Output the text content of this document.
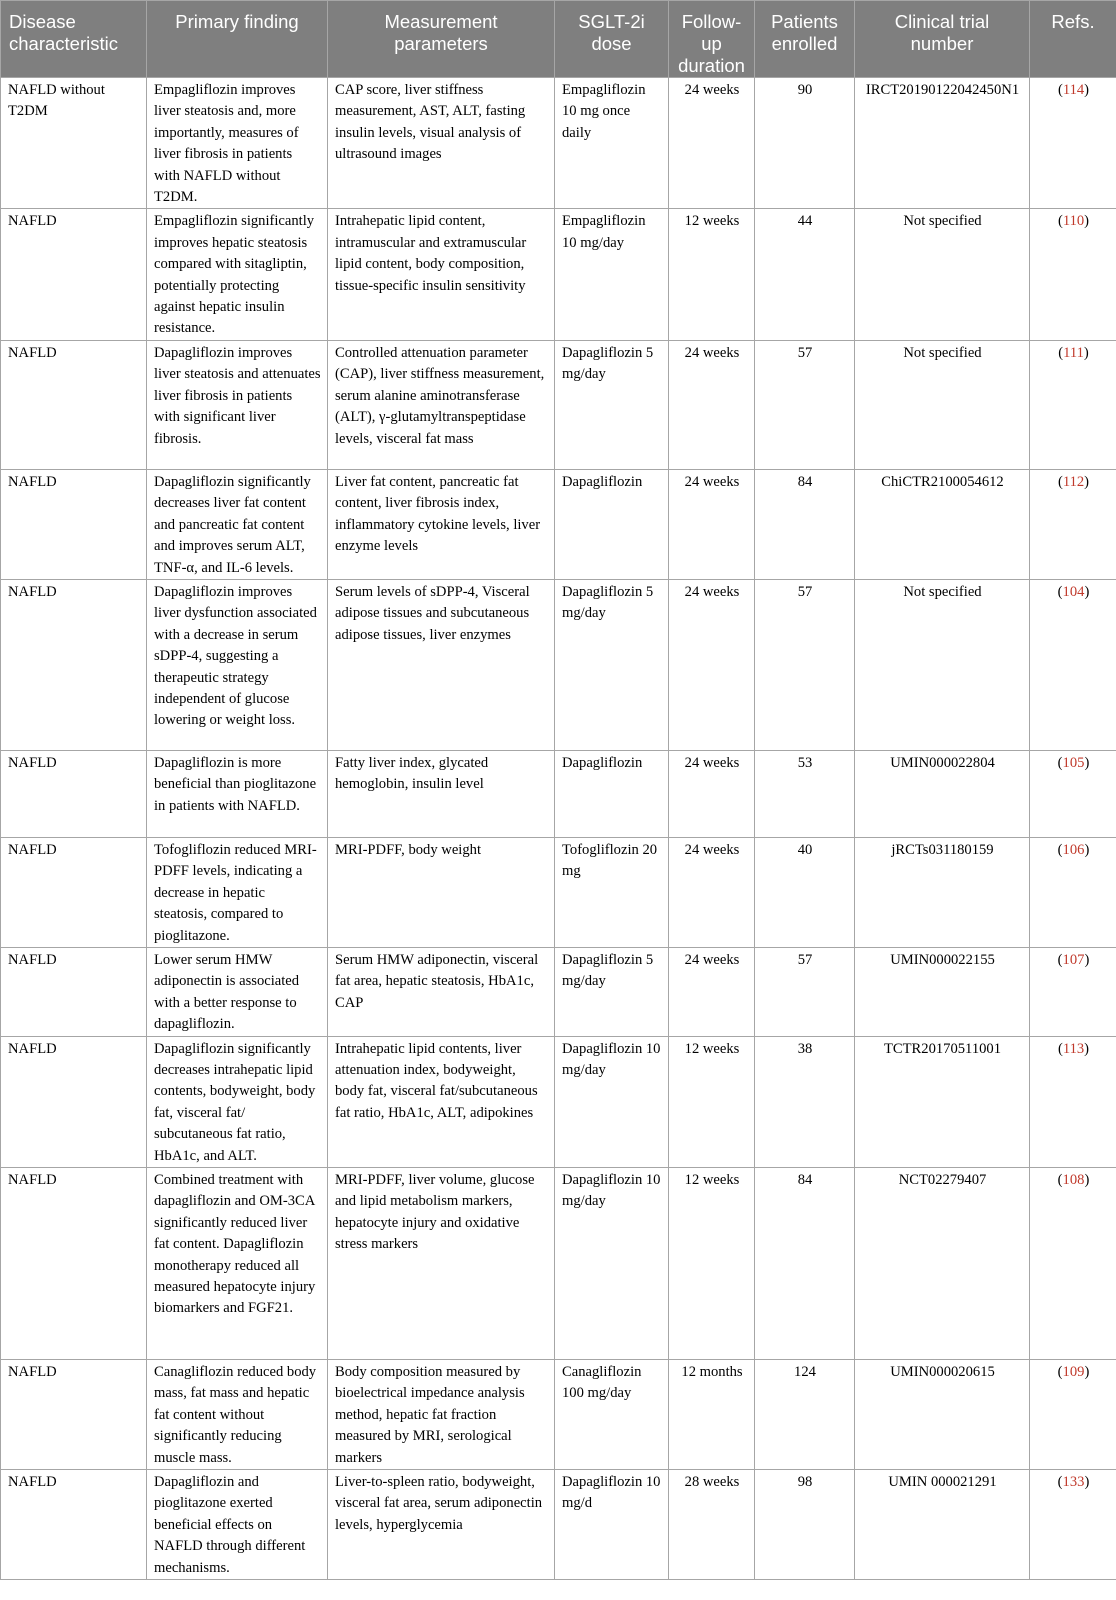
Disease characteristic	Primary finding	Measurement parameters	SGLT-2i dose	Follow-up duration	Patients enrolled	Clinical trial number	Refs.
NAFLD without T2DM	Empagliflozin improves liver steatosis and, more importantly, measures of liver fibrosis in patients with NAFLD without T2DM.	CAP score, liver stiffness measurement, AST, ALT, fasting insulin levels, visual analysis of ultrasound images	Empagliflozin 10 mg once daily	24 weeks	90	IRCT20190122042450N1	(114)
NAFLD	Empagliflozin significantly improves hepatic steatosis compared with sitagliptin, potentially protecting against hepatic insulin resistance.	Intrahepatic lipid content, intramuscular and extramuscular lipid content, body composition, tissue-specific insulin sensitivity	Empagliflozin 10 mg/day	12 weeks	44	Not specified	(110)
NAFLD	Dapagliflozin improves liver steatosis and attenuates liver fibrosis in patients with significant liver fibrosis.	Controlled attenuation parameter (CAP), liver stiffness measurement, serum alanine aminotransferase (ALT), γ-glutamyltranspeptidase levels, visceral fat mass	Dapagliflozin 5 mg/day	24 weeks	57	Not specified	(111)
NAFLD	Dapagliflozin significantly decreases liver fat content and pancreatic fat content and improves serum ALT, TNF-α, and IL-6 levels.	Liver fat content, pancreatic fat content, liver fibrosis index, inflammatory cytokine levels, liver enzyme levels	Dapagliflozin	24 weeks	84	ChiCTR2100054612	(112)
NAFLD	Dapagliflozin improves liver dysfunction associated with a decrease in serum sDPP-4, suggesting a therapeutic strategy independent of glucose lowering or weight loss.	Serum levels of sDPP-4, Visceral adipose tissues and subcutaneous adipose tissues, liver enzymes	Dapagliflozin 5 mg/day	24 weeks	57	Not specified	(104)
NAFLD	Dapagliflozin is more beneficial than pioglitazone in patients with NAFLD.	Fatty liver index, glycated hemoglobin, insulin level	Dapagliflozin	24 weeks	53	UMIN000022804	(105)
NAFLD	Tofogliflozin reduced MRI-PDFF levels, indicating a decrease in hepatic steatosis, compared to pioglitazone.	MRI-PDFF, body weight	Tofogliflozin 20 mg	24 weeks	40	jRCTs031180159	(106)
NAFLD	Lower serum HMW adiponectin is associated with a better response to dapagliflozin.	Serum HMW adiponectin, visceral fat area, hepatic steatosis, HbA1c, CAP	Dapagliflozin 5 mg/day	24 weeks	57	UMIN000022155	(107)
NAFLD	Dapagliflozin significantly decreases intrahepatic lipid contents, bodyweight, body fat, visceral fat/ subcutaneous fat ratio, HbA1c, and ALT.	Intrahepatic lipid contents, liver attenuation index, bodyweight, body fat, visceral fat/subcutaneous fat ratio, HbA1c, ALT, adipokines	Dapagliflozin 10 mg/day	12 weeks	38	TCTR20170511001	(113)
NAFLD	Combined treatment with dapagliflozin and OM-3CA significantly reduced liver fat content. Dapagliflozin monotherapy reduced all measured hepatocyte injury biomarkers and FGF21.	MRI-PDFF, liver volume, glucose and lipid metabolism markers, hepatocyte injury and oxidative stress markers	Dapagliflozin 10 mg/day	12 weeks	84	NCT02279407	(108)
NAFLD	Canagliflozin reduced body mass, fat mass and hepatic fat content without significantly reducing muscle mass.	Body composition measured by bioelectrical impedance analysis method, hepatic fat fraction measured by MRI, serological markers	Canagliflozin 100 mg/day	12 months	124	UMIN000020615	(109)
NAFLD	Dapagliflozin and pioglitazone exerted beneficial effects on NAFLD through different mechanisms.	Liver-to-spleen ratio, bodyweight, visceral fat area, serum adiponectin levels, hyperglycemia	Dapagliflozin 10 mg/d	28 weeks	98	UMIN 000021291	(133)
